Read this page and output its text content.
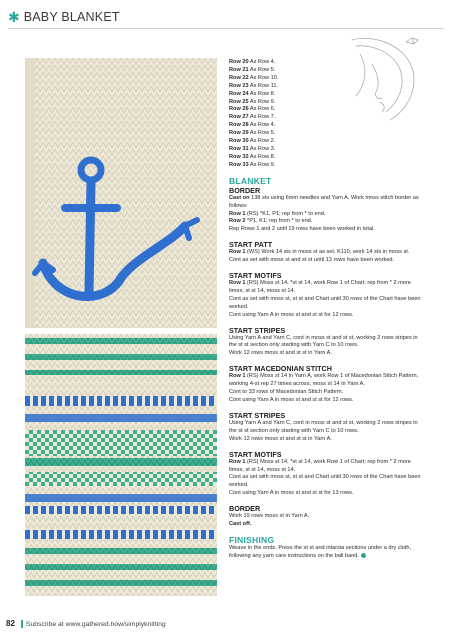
✱ BABY BLANKET
Row 20 As Row 4.
Row 21 As Row 5.
Row 22 As Row 10.
Row 23 As Row 11.
Row 24 As Row 8.
Row 25 As Row 9.
Row 26 As Row 6.
Row 27 As Row 7.
Row 28 As Row 4.
Row 29 As Row 5.
Row 30 As Row 2.
Row 31 As Row 3.
Row 32 As Row 8.
Row 33 As Row 9.
BLANKET
BORDER

Cast on 138 sts using 6mm needles and Yarn A. Work moss stitch border as follows:

Row 1 (RS) *K1, P1; rep from * to end.

Row 2 *P1, K1; rep from * to end.

Rep Rows 1 and 2 until 19 rows have been worked in total.

START PATT

Row 1 (WS) Work 14 sts in moss st as set, K110, work 14 sts in moss st.

Cont as set with moss st and st st until 13 rows have been worked.

START MOTIFS

Row 1 (RS) Moss st 14, *st st 14, work Row 1 of Chart; rep from * 2 more times, st st 14, moss st 14.

Cont as set with moss st, st st and Chart until 30 rows of the Chart have been worked.

Cont using Yarn A in moss st and st st for 12 rows.

START STRIPES

Using Yarn A and Yarn C, cont in moss st and st st, working 2 rows stripes in the st st section only starting with Yarn C to 10 rows.

Work 12 rows moss st and st st in Yarn A.

START MACEDONIAN STITCH

Row 1 (RS) Moss st 14 in Yarn A, work Row 1 of Macedonian Stitch Pattern, working 4-st rep 27 times across, moss st 14 in Yarn A.

Cont to 33 rows of Macedonian Stitch Pattern.

Cont using Yarn A in moss st and st st for 12 rows.

START STRIPES

Using Yarn A and Yarn C, cont in moss st and st st, working 2 rows stripes in the st st section only starting with Yarn C to 10 rows.

Work 12 rows moss st and st st in Yarn A.

START MOTIFS

Row 1 (RS) Moss st 14, *st st 14, work Row 1 of Chart; rep from * 2 more times, st st 14, moss st 14.

Cont as set with moss st, st st and Chart until 30 rows of the Chart have been worked.

Cont using Yarn A in moss st and st st for 13 rows.

BORDER

Work 19 rows moss st in Yarn A.

Cast off.

FINISHING

Weave in the ends. Press the st st and intarsia sections under a dry cloth, following any yarn care instructions on the ball band.

82 Subscribe at www.gathered.how/simplyknitting
